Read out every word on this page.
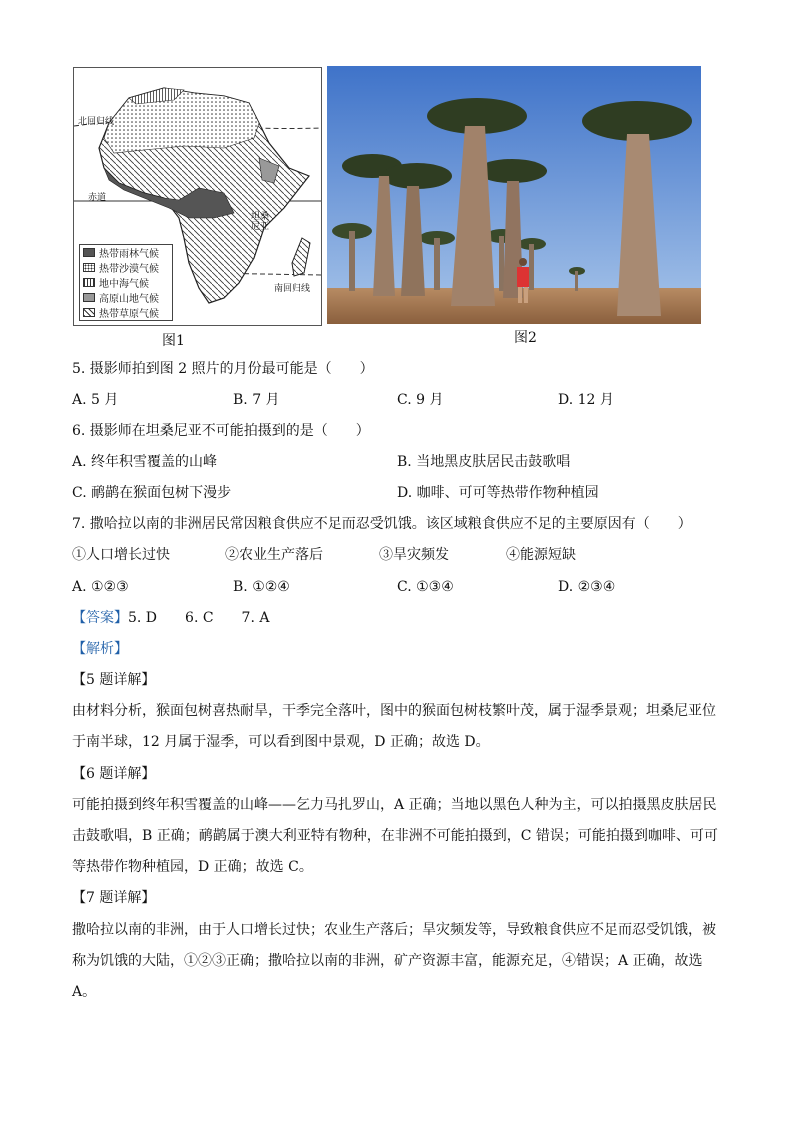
北回归线
赤道
南回归线
坦桑尼亚
热带雨林气候
热带沙漠气候
地中海气候
高原山地气候
热带草原气候
图1	图2
5. 摄影师拍到图 2 照片的月份最可能是（　　）
A. 5 月	B. 7 月	C. 9 月	D. 12 月
6. 摄影师在坦桑尼亚不可能拍摄到的是（　　）
A. 终年积雪覆盖的山峰	B. 当地黑皮肤居民击鼓歌唱
C. 鸸鹋在猴面包树下漫步	D. 咖啡、可可等热带作物种植园
7. 撒哈拉以南的非洲居民常因粮食供应不足而忍受饥饿。该区域粮食供应不足的主要原因有（　　）
①人口增长过快	②农业生产落后	③旱灾频发	④能源短缺
A. ①②③	B. ①②④	C. ①③④	D. ②③④
【答案】5. D　　6. C　　7. A
【解析】
【5 题详解】
由材料分析，猴面包树喜热耐旱，干季完全落叶，图中的猴面包树枝繁叶茂，属于湿季景观；坦桑尼亚位
于南半球，12 月属于湿季，可以看到图中景观，D 正确；故选 D。
【6 题详解】
可能拍摄到终年积雪覆盖的山峰——乞力马扎罗山，A 正确；当地以黑色人种为主，可以拍摄黑皮肤居民
击鼓歌唱，B 正确；鸸鹋属于澳大利亚特有物种，在非洲不可能拍摄到，C 错误；可能拍摄到咖啡、可可
等热带作物种植园，D 正确；故选 C。
【7 题详解】
撒哈拉以南的非洲，由于人口增长过快；农业生产落后；旱灾频发等，导致粮食供应不足而忍受饥饿，被
称为饥饿的大陆，①②③正确；撒哈拉以南的非洲，矿产资源丰富，能源充足，④错误；A 正确，故选
A。
